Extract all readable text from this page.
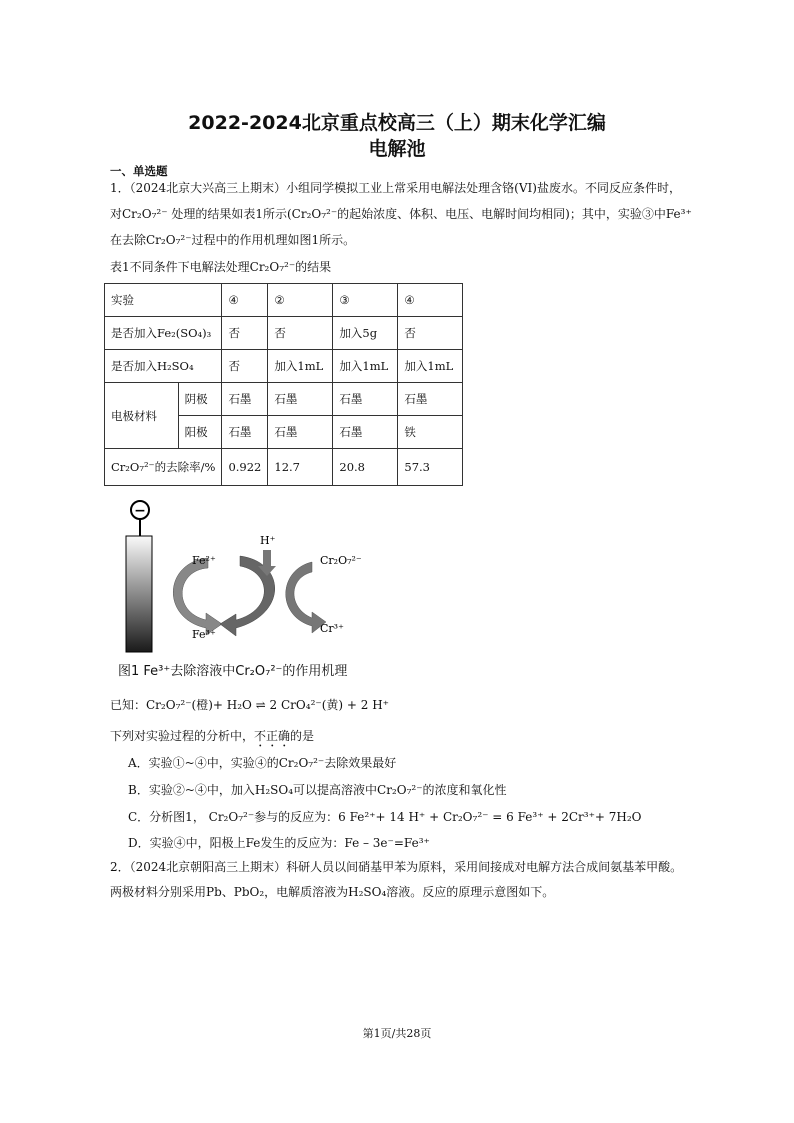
2022-2024北京重点校高三（上）期末化学汇编
电解池
一、单选题
1．（2024北京大兴高三上期末）小组同学模拟工业上常采用电解法处理含铬(VI)盐废水。不同反应条件时，
对Cr₂O₇²⁻ 处理的结果如表1所示(Cr₂O₇²⁻的起始浓度、体积、电压、电解时间均相同)；其中，实验③中Fe³⁺
在去除Cr₂O₇²⁻过程中的作用机理如图1所示。
表1不同条件下电解法处理Cr₂O₇²⁻的结果
实验		④	②	③	④
是否加入Fe₂(SO₄)₃		否	否	加入5g	否
是否加入H₂SO₄		否	加入1mL	加入1mL	加入1mL
电极材料	阴极	石墨	石墨	石墨	石墨
	阳极	石墨	石墨	石墨	铁
Cr₂O₇²⁻的去除率/%		0.922	12.7	20.8	57.3
−
Fe²⁺
Fe³⁺
H⁺
Cr₂O₇²⁻
Cr³⁺
图1 Fe³⁺去除溶液中Cr₂O₇²⁻的作用机理
已知：Cr₂O₇²⁻(橙)+ H₂O ⇌ 2 CrO₄²⁻(黄) + 2 H⁺
下列对实验过程的分析中，不正确的是
A．实验①~④中，实验④的Cr₂O₇²⁻去除效果最好
B．实验②~④中，加入H₂SO₄可以提高溶液中Cr₂O₇²⁻的浓度和氧化性
C．分析图1， Cr₂O₇²⁻参与的反应为：6 Fe²⁺+ 14 H⁺ + Cr₂O₇²⁻ = 6 Fe³⁺ + 2Cr³⁺+ 7H₂O
D．实验④中，阳极上Fe发生的反应为：Fe – 3e⁻=Fe³⁺
2．（2024北京朝阳高三上期末）科研人员以间硝基甲苯为原料，采用间接成对电解方法合成间氨基苯甲酸。
两极材料分别采用Pb、PbO₂，电解质溶液为H₂SO₄溶液。反应的原理示意图如下。
第1页/共28页
